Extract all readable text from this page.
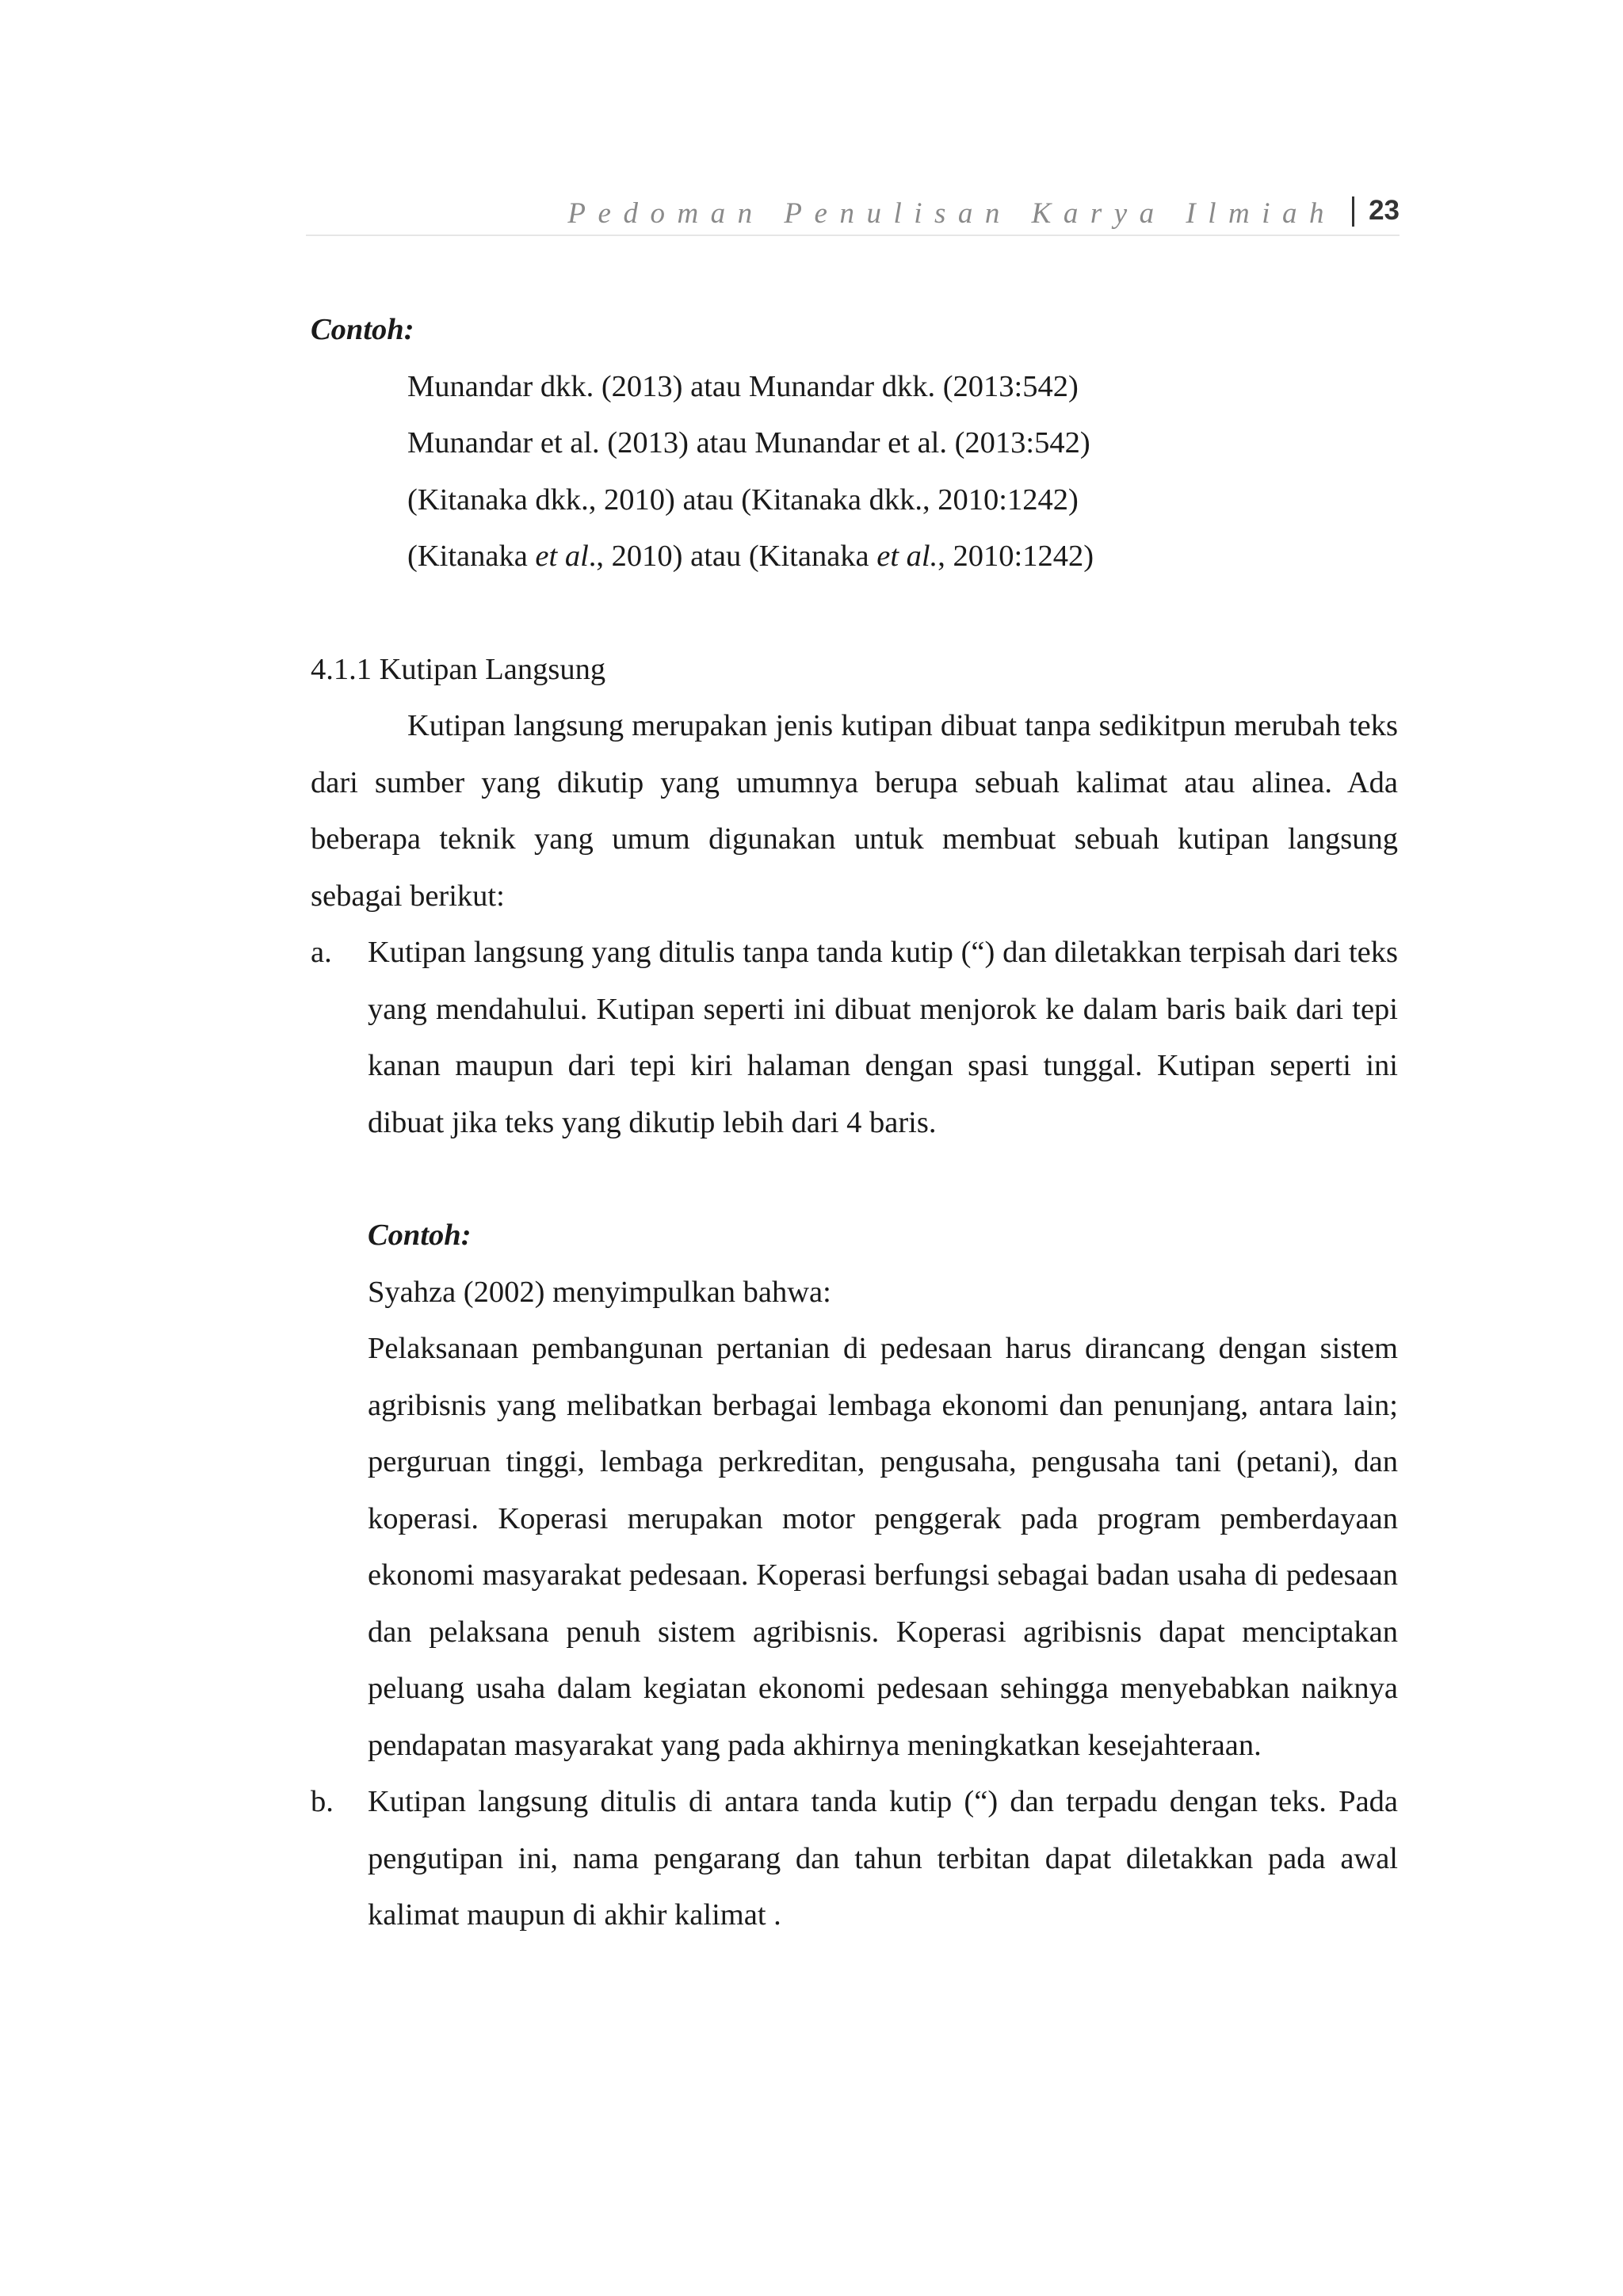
Pedoman Penulisan Karya Ilmiah 23

Contoh:

Munandar dkk. (2013) atau Munandar dkk. (2013:542)
Munandar et al. (2013) atau Munandar et al. (2013:542)
(Kitanaka dkk., 2010) atau (Kitanaka dkk., 2010:1242)
(Kitanaka et al., 2010) atau (Kitanaka et al., 2010:1242)

4.1.1 Kutipan Langsung

Kutipan langsung merupakan jenis kutipan dibuat tanpa sedikitpun merubah teks dari sumber yang dikutip yang umumnya berupa sebuah kalimat atau alinea. Ada beberapa teknik yang umum digunakan untuk membuat sebuah kutipan langsung sebagai berikut:

a. Kutipan langsung yang ditulis tanpa tanda kutip (“) dan diletakkan terpisah dari teks yang mendahului. Kutipan seperti ini dibuat menjorok ke dalam baris baik dari tepi kanan maupun dari tepi kiri halaman dengan spasi tunggal. Kutipan seperti ini dibuat jika teks yang dikutip lebih dari 4 baris.

Contoh:

Syahza (2002) menyimpulkan bahwa:

Pelaksanaan pembangunan pertanian di pedesaan harus dirancang dengan sistem agribisnis yang melibatkan berbagai lembaga ekonomi dan penunjang, antara lain; perguruan tinggi, lembaga perkreditan, pengusaha, pengusaha tani (petani), dan koperasi. Koperasi merupakan motor penggerak pada program pemberdayaan ekonomi masyarakat pedesaan. Koperasi berfungsi sebagai badan usaha di pedesaan dan pelaksana penuh sistem agribisnis. Koperasi agribisnis dapat menciptakan peluang usaha dalam kegiatan ekonomi pedesaan sehingga menyebabkan naiknya pendapatan masyarakat yang pada akhirnya meningkatkan kesejahteraan.

b. Kutipan langsung ditulis di antara tanda kutip (“) dan terpadu dengan teks. Pada pengutipan ini, nama pengarang dan tahun terbitan dapat diletakkan pada awal kalimat maupun di akhir kalimat .
